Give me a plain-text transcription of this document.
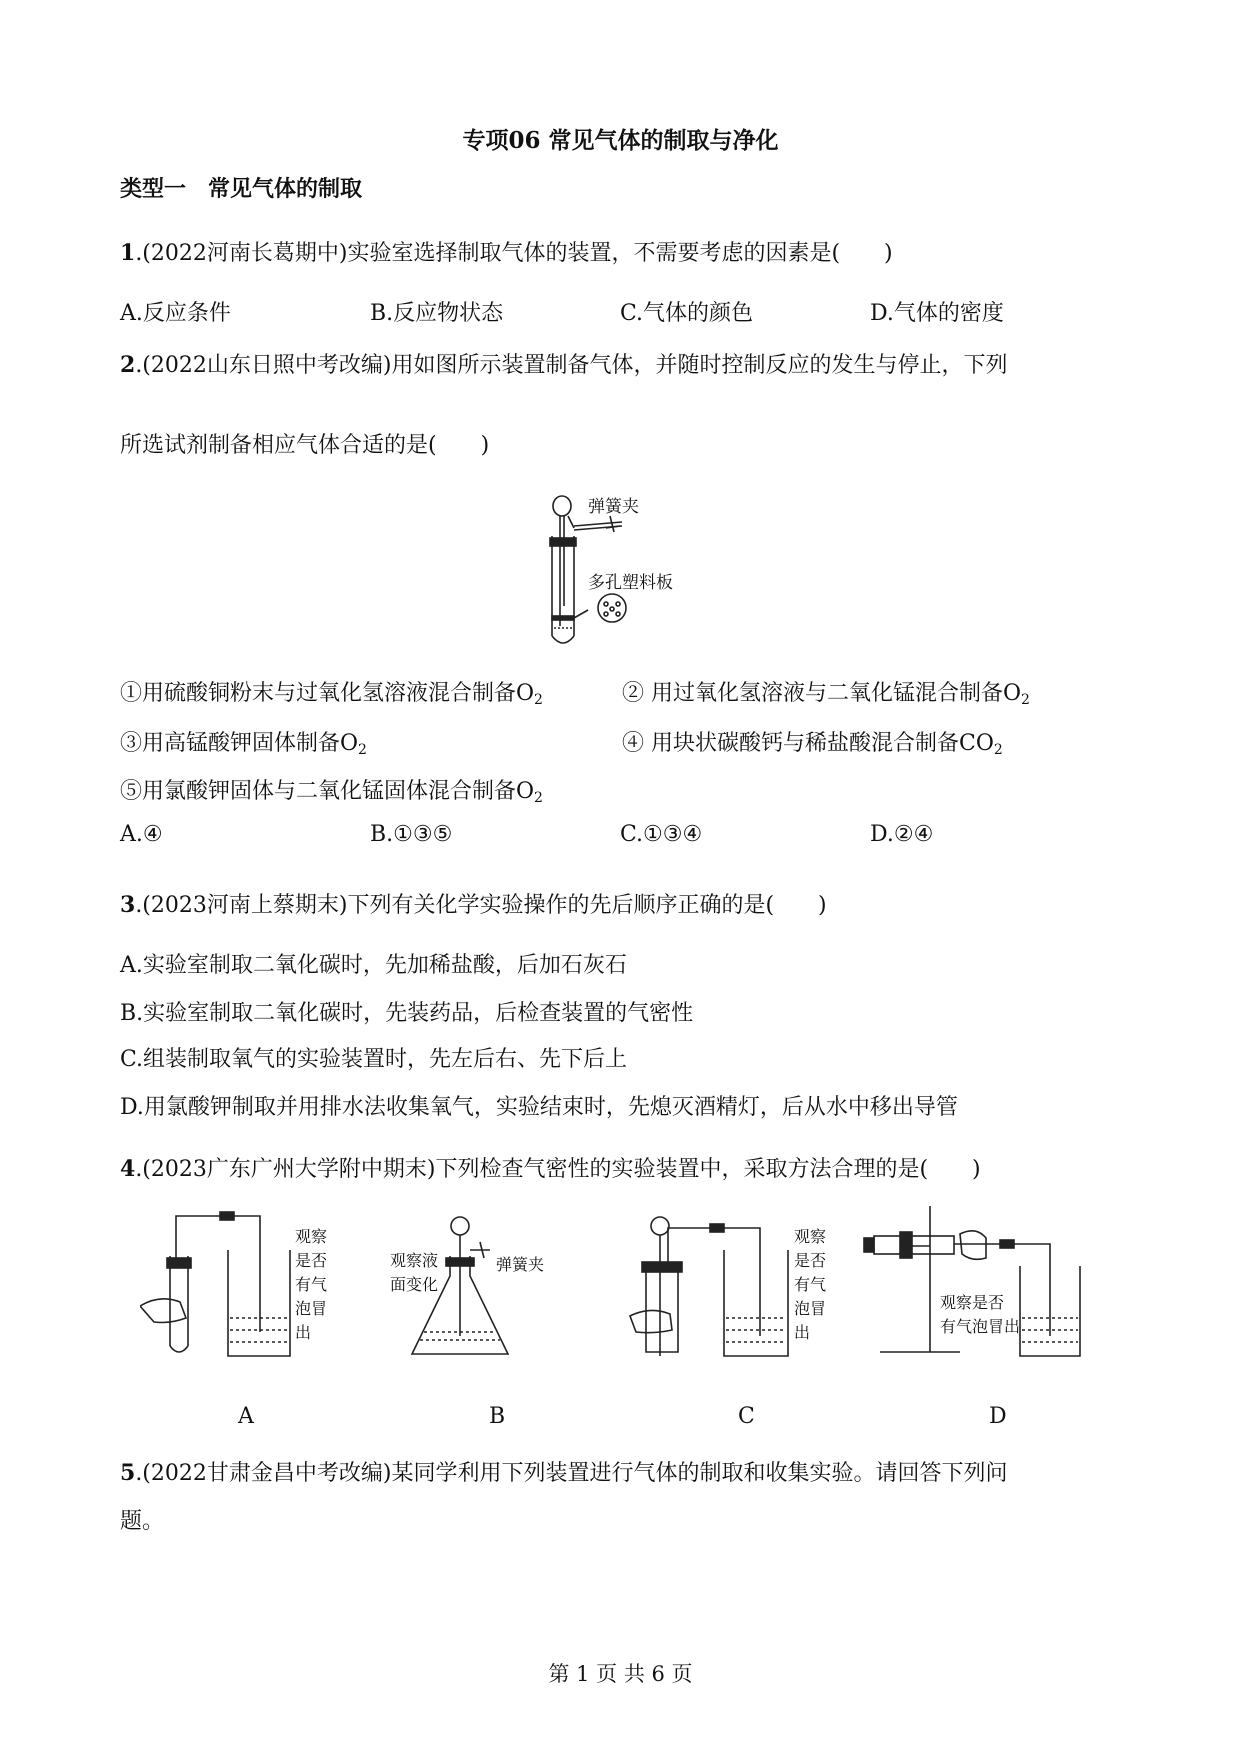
专项06 常见气体的制取与净化
类型一　常见气体的制取
1.(2022河南长葛期中)实验室选择制取气体的装置，不需要考虑的因素是(　　)
A.反应条件	B.反应物状态	C.气体的颜色	D.气体的密度
2.(2022山东日照中考改编)用如图所示装置制备气体，并随时控制反应的发生与停止，下列
所选试剂制备相应气体合适的是(　　)
弹簧夹
多孔塑料板
①用硫酸铜粉末与过氧化氢溶液混合制备$O_2$	② 用过氧化氢溶液与二氧化锰混合制备$O_2$
③用高锰酸钾固体制备$O_2$	④ 用块状碳酸钙与稀盐酸混合制备$CO_2$
⑤用氯酸钾固体与二氧化锰固体混合制备$O_2$
A.④	B.①③⑤	C.①③④	D.②④
3.(2023河南上蔡期末)下列有关化学实验操作的先后顺序正确的是(　　)
A.实验室制取二氧化碳时，先加稀盐酸，后加石灰石
B.实验室制取二氧化碳时，先装药品，后检查装置的气密性
C.组装制取氧气的实验装置时，先左后右、先下后上
D.用氯酸钾制取并用排水法收集氧气，实验结束时，先熄灭酒精灯，后从水中移出导管
4.(2023广东广州大学附中期末)下列检查气密性的实验装置中，采取方法合理的是(　　)
观察
是否
有气
泡冒
出
观察液
面变化
弹簧夹
观察
是否
有气
泡冒
出
观察是否
有气泡冒出
A	B	C	D
5.(2022甘肃金昌中考改编)某同学利用下列装置进行气体的制取和收集实验。请回答下列问
题。
第 1 页 共 6 页
